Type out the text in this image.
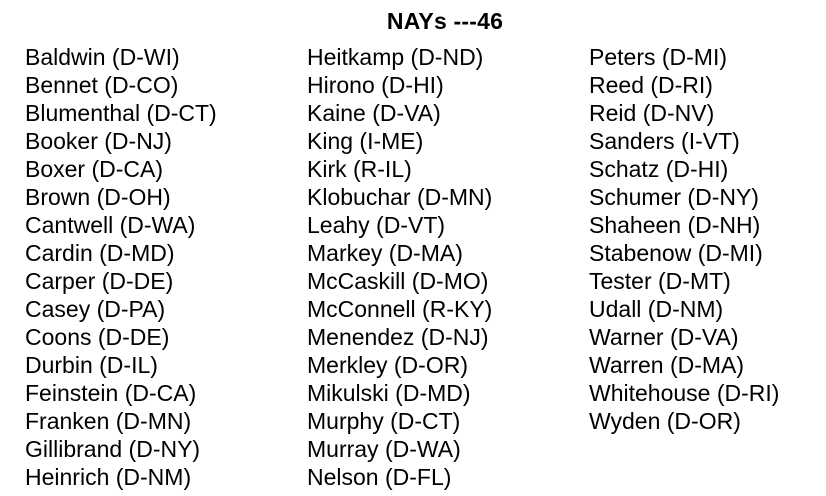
NAYs ---46
Baldwin (D-WI)
Bennet (D-CO)
Blumenthal (D-CT)
Booker (D-NJ)
Boxer (D-CA)
Brown (D-OH)
Cantwell (D-WA)
Cardin (D-MD)
Carper (D-DE)
Casey (D-PA)
Coons (D-DE)
Durbin (D-IL)
Feinstein (D-CA)
Franken (D-MN)
Gillibrand (D-NY)
Heinrich (D-NM)
Heitkamp (D-ND)
Hirono (D-HI)
Kaine (D-VA)
King (I-ME)
Kirk (R-IL)
Klobuchar (D-MN)
Leahy (D-VT)
Markey (D-MA)
McCaskill (D-MO)
McConnell (R-KY)
Menendez (D-NJ)
Merkley (D-OR)
Mikulski (D-MD)
Murphy (D-CT)
Murray (D-WA)
Nelson (D-FL)
Peters (D-MI)
Reed (D-RI)
Reid (D-NV)
Sanders (I-VT)
Schatz (D-HI)
Schumer (D-NY)
Shaheen (D-NH)
Stabenow (D-MI)
Tester (D-MT)
Udall (D-NM)
Warner (D-VA)
Warren (D-MA)
Whitehouse (D-RI)
Wyden (D-OR)
